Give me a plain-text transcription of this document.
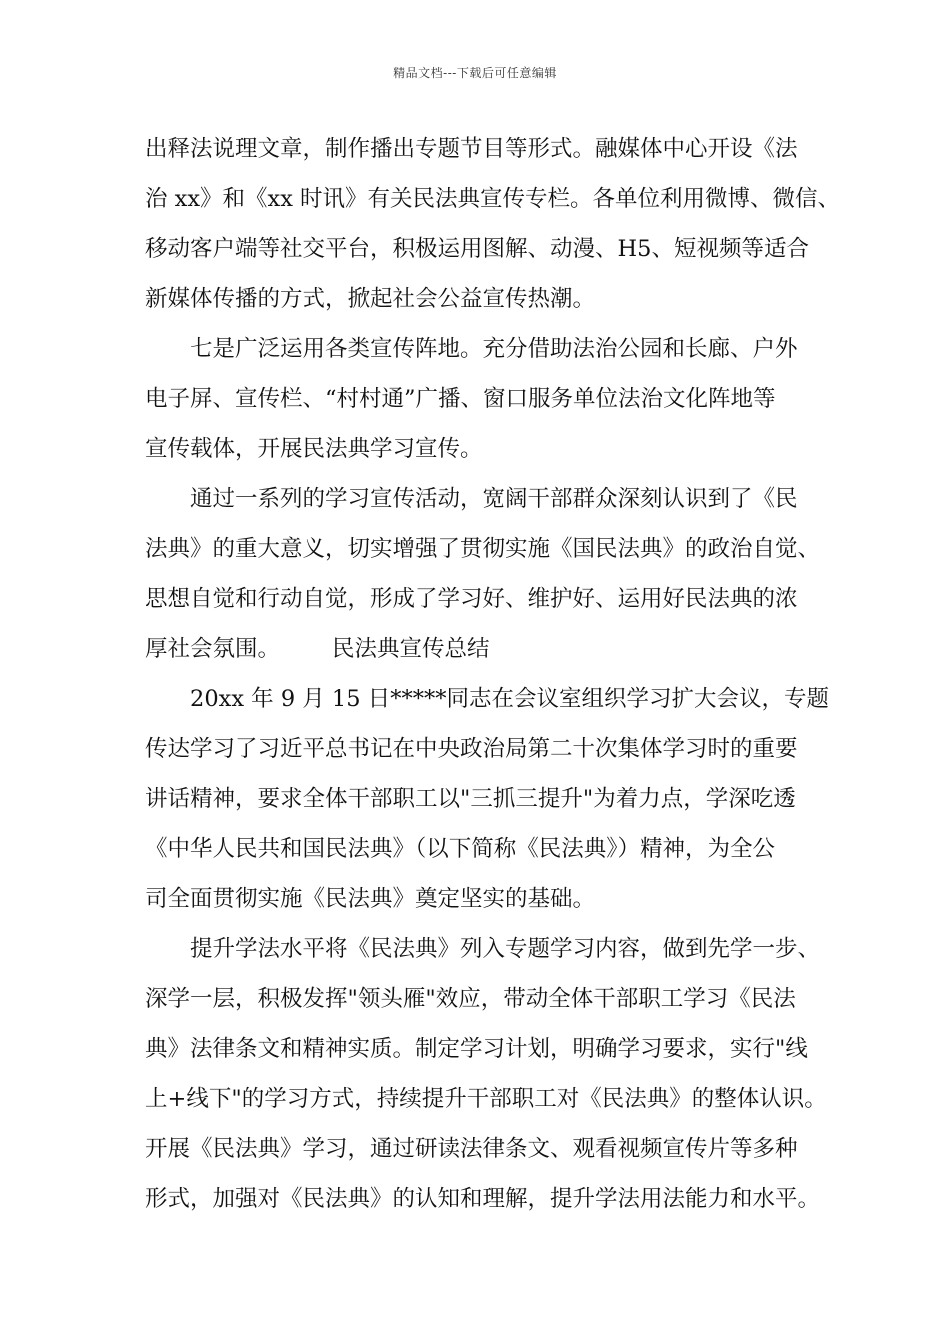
精品文档---下载后可任意编辑
出释法说理文章，制作播出专题节目等形式。融媒体中心开设《法
治 xx》和《xx 时讯》有关民法典宣传专栏。各单位利用微博、微信、
移动客户端等社交平台，积极运用图解、动漫、H5、短视频等适合
新媒体传播的方式，掀起社会公益宣传热潮。
七是广泛运用各类宣传阵地。充分借助法治公园和长廊、户外
电子屏、宣传栏、“村村通”广播、窗口服务单位法治文化阵地等
宣传载体，开展民法典学习宣传。
通过一系列的学习宣传活动，宽阔干部群众深刻认识到了《民
法典》的重大意义，切实增强了贯彻实施《国民法典》的政治自觉、
思想自觉和行动自觉，形成了学习好、维护好、运用好民法典的浓
厚社会氛围。 民法典宣传总结
20xx 年 9 月 15 日*****同志在会议室组织学习扩大会议，专题
传达学习了习近平总书记在中央政治局第二十次集体学习时的重要
讲话精神，要求全体干部职工以"三抓三提升"为着力点，学深吃透
《中华人民共和国民法典》（以下简称《民法典》）精神，为全公
司全面贯彻实施《民法典》奠定坚实的基础。
提升学法水平将《民法典》列入专题学习内容，做到先学一步、
深学一层，积极发挥"领头雁"效应，带动全体干部职工学习《民法
典》法律条文和精神实质。制定学习计划，明确学习要求，实行"线
上+线下"的学习方式，持续提升干部职工对《民法典》的整体认识。
开展《民法典》学习，通过研读法律条文、观看视频宣传片等多种
形式，加强对《民法典》的认知和理解，提升学法用法能力和水平。
